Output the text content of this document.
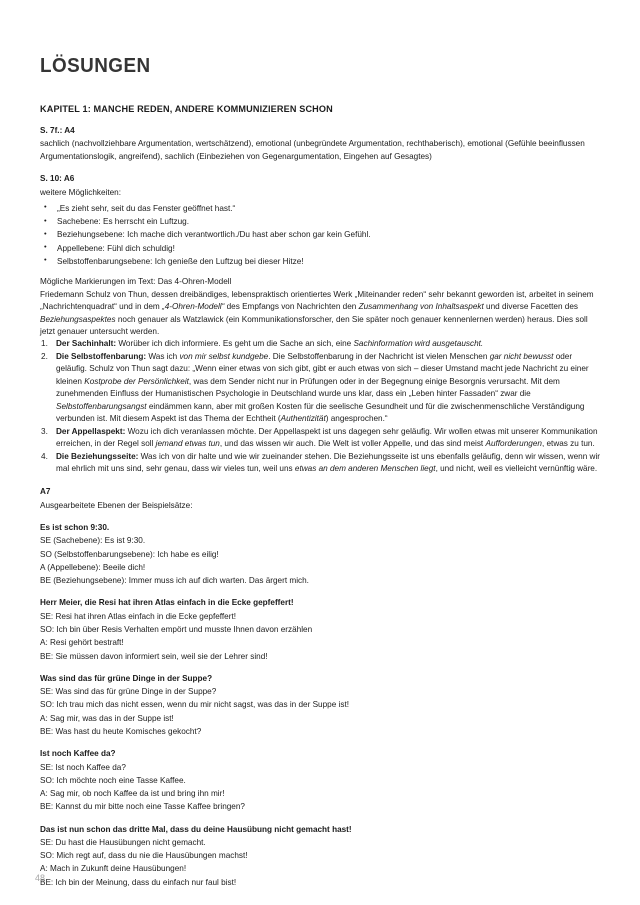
LÖSUNGEN
KAPITEL 1: MANCHE REDEN, ANDERE KOMMUNIZIEREN SCHON
S. 7f.: A4

sachlich (nachvollziehbare Argumentation, wertschätzend), emotional (unbegründete Argumentation, rechthaberisch), emotional (Gefühle beeinflussen Argumentationslogik, angreifend), sachlich (Einbeziehen von Gegenargumentation, Eingehen auf Gesagtes)

S. 10: A6

weitere Möglichkeiten:

• „Es zieht sehr, seit du das Fenster geöffnet hast.“
• Sachebene: Es herrscht ein Luftzug.
• Beziehungsebene: Ich mache dich verantwortlich./Du hast aber schon gar kein Gefühl.
• Appellebene: Fühl dich schuldig!
• Selbstoffenbarungsebene: Ich genieße den Luftzug bei dieser Hitze!

Mögliche Markierungen im Text: Das 4-Ohren-Modell

Friedemann Schulz von Thun, dessen dreibändiges, lebenspraktisch orientiertes Werk „Miteinander reden“ sehr bekannt geworden ist, arbeitet in seinem „Nachrichtenquadrat“ und in dem „4-Ohren-Modell“ des Empfangs von Nachrichten den Zusammenhang von Inhaltsaspekt und diverse Facetten des Beziehungsaspektes noch genauer als Watzlawick (ein Kommunikationsforscher, den Sie später noch genauer kennenlernen werden) heraus. Dies soll jetzt genauer untersucht werden.

Der Sachinhalt: Worüber ich dich informiere. Es geht um die Sache an sich, eine Sachinformation wird ausgetauscht.
Die Selbstoffenbarung: Was ich von mir selbst kundgebe. Die Selbstoffenbarung in der Nachricht ist vielen Menschen gar nicht bewusst oder geläufig. Schulz von Thun sagt dazu: „Wenn einer etwas von sich gibt, gibt er auch etwas von sich – dieser Umstand macht jede Nachricht zu einer kleinen Kostprobe der Persönlichkeit, was dem Sender nicht nur in Prüfungen oder in der Begegnung einige Besorgnis verursacht. Mit dem zunehmenden Einfluss der Humanistischen Psychologie in Deutschland wurde uns klar, dass ein „Leben hinter Fassaden“ zwar die Selbstoffenbarungsangst eindämmen kann, aber mit großen Kosten für die seelische Gesundheit und für die zwischenmenschliche Verständigung verbunden ist. Mit diesem Aspekt ist das Thema der Echtheit (Authentizität) angesprochen.“
Der Appellaspekt: Wozu ich dich veranlassen möchte. Der Appellaspekt ist uns dagegen sehr geläufig. Wir wollen etwas mit unserer Kommunikation erreichen, in der Regel soll jemand etwas tun, und das wissen wir auch. Die Welt ist voller Appelle, und das sind meist Aufforderungen, etwas zu tun.
Die Beziehungsseite: Was ich von dir halte und wie wir zueinander stehen. Die Beziehungsseite ist uns ebenfalls geläufig, denn wir wissen, wenn wir mal ehrlich mit uns sind, sehr genau, dass wir vieles tun, weil uns etwas an dem anderen Menschen liegt, und nicht, weil es vielleicht vernünftig wäre.
A7

Ausgearbeitete Ebenen der Beispielsätze:

Es ist schon 9:30.
SE (Sachebene): Es ist 9:30.
SO (Selbstoffenbarungsebene): Ich habe es eilig!
A (Appellebene): Beeile dich!
BE (Beziehungsebene): Immer muss ich auf dich warten. Das ärgert mich.
Herr Meier, die Resi hat ihren Atlas einfach in die Ecke gepfeffert!
SE: Resi hat ihren Atlas einfach in die Ecke gepfeffert!
SO: Ich bin über Resis Verhalten empört und musste Ihnen davon erzählen
A: Resi gehört bestraft!
BE: Sie müssen davon informiert sein, weil sie der Lehrer sind!
Was sind das für grüne Dinge in der Suppe?
SE: Was sind das für grüne Dinge in der Suppe?
SO: Ich trau mich das nicht essen, wenn du mir nicht sagst, was das in der Suppe ist!
A: Sag mir, was das in der Suppe ist!
BE: Was hast du heute Komisches gekocht?
Ist noch Kaffee da?
SE: Ist noch Kaffee da?
SO: Ich möchte noch eine Tasse Kaffee.
A: Sag mir, ob noch Kaffee da ist und bring ihn mir!
BE: Kannst du mir bitte noch eine Tasse Kaffee bringen?
Das ist nun schon das dritte Mal, dass du deine Hausübung nicht gemacht hast!
SE: Du hast die Hausübungen nicht gemacht.
SO: Mich regt auf, dass du nie die Hausübungen machst!
A: Mach in Zukunft deine Hausübungen!
BE: Ich bin der Meinung, dass du einfach nur faul bist!
48
